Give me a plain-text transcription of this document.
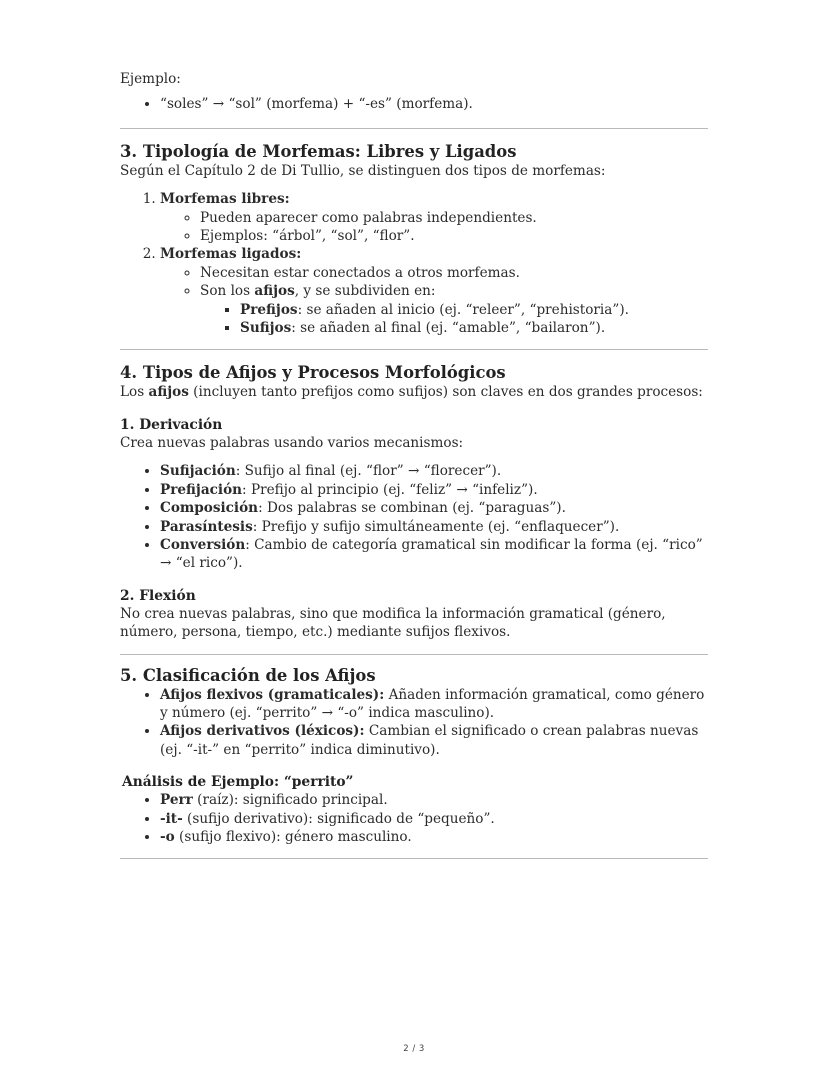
Ejemplo:

• “soles” → “sol” (morfema) + “-es” (morfema).
3. Tipología de Morfemas: Libres y Ligados

Según el Capítulo 2 de Di Tullio, se distinguen dos tipos de morfemas:

1. Morfemas libres:
◦ Pueden aparecer como palabras independientes.
◦ Ejemplos: “árbol”, “sol”, “flor”.
2. Morfemas ligados:
◦ Necesitan estar conectados a otros morfemas.
◦ Son los afijos, y se subdividen en:
▪ Prefijos: se añaden al inicio (ej. “releer”, “prehistoria”).
▪ Sufijos: se añaden al final (ej. “amable”, “bailaron”).
4. Tipos de Afijos y Procesos Morfológicos

Los afijos (incluyen tanto prefijos como sufijos) son claves en dos grandes procesos:

1. Derivación

Crea nuevas palabras usando varios mecanismos:

• Sufijación: Sufijo al final (ej. “flor” → “florecer”).
• Prefijación: Prefijo al principio (ej. “feliz” → “infeliz”).
• Composición: Dos palabras se combinan (ej. “paraguas”).
• Parasíntesis: Prefijo y sufijo simultáneamente (ej. “enflaquecer”).
• Conversión: Cambio de categoría gramatical sin modificar la forma (ej. “rico” → “el rico”).
2. Flexión

No crea nuevas palabras, sino que modifica la información gramatical (género, número, persona, tiempo, etc.) mediante sufijos flexivos.

5. Clasificación de los Afijos
• Afijos flexivos (gramaticales): Añaden información gramatical, como género y número (ej. “perrito” → “-o” indica masculino).
• Afijos derivativos (léxicos): Cambian el significado o crean palabras nuevas (ej. “-it-” en “perrito” indica diminutivo).
Análisis de Ejemplo: “perrito”
• Perr (raíz): significado principal.
• -it- (sufijo derivativo): significado de “pequeño”.
• -o (sufijo flexivo): género masculino.
2 / 3
